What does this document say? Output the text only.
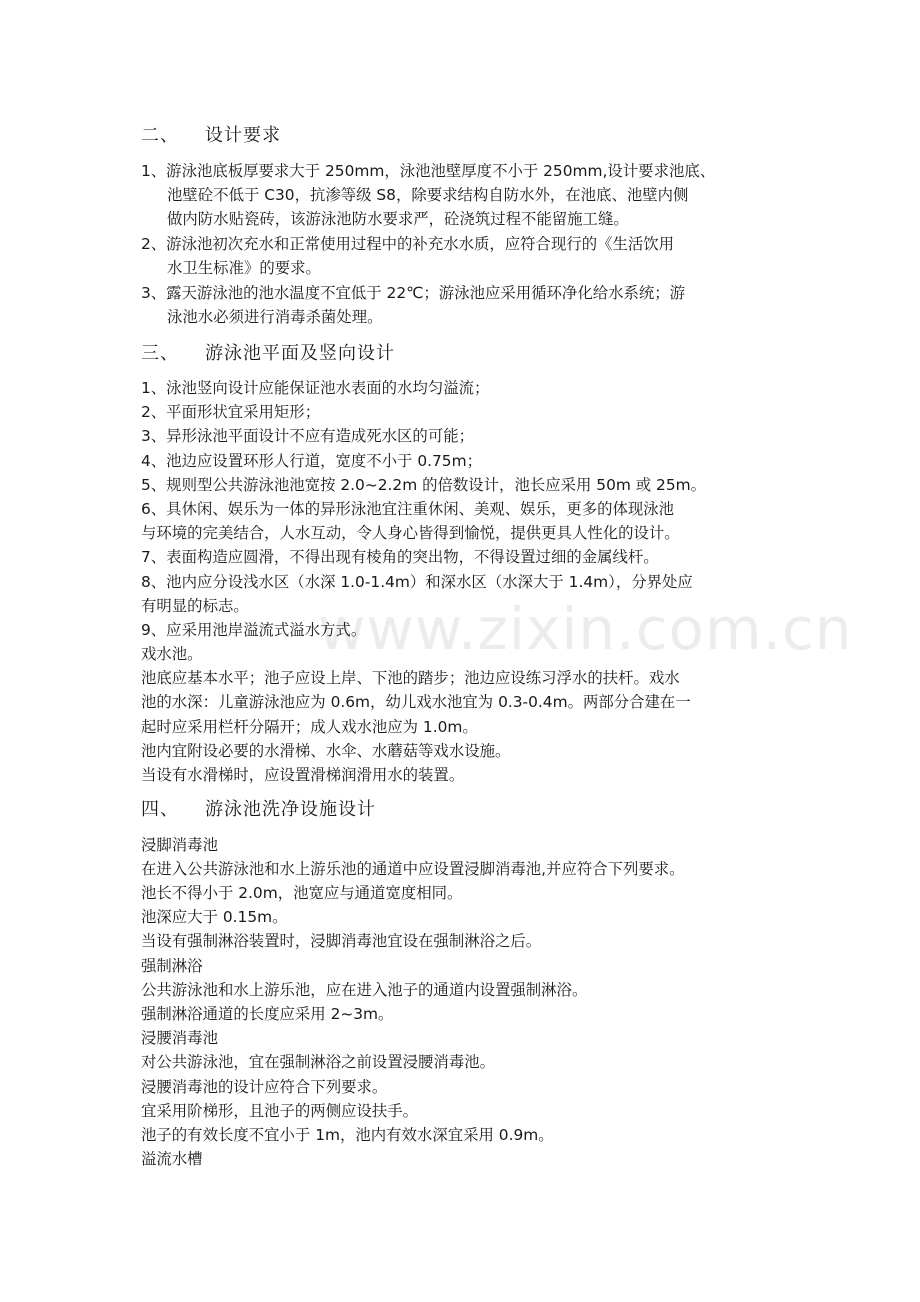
二、 设计要求
1、游泳池底板厚要求大于 250mm，泳池池壁厚度不小于 250mm,设计要求池底、
池壁砼不低于 C30，抗渗等级 S8，除要求结构自防水外，在池底、池壁内侧
做内防水贴瓷砖，该游泳池防水要求严，砼浇筑过程不能留施工缝。
2、游泳池初次充水和正常使用过程中的补充水水质，应符合现行的《生活饮用
水卫生标准》的要求。
3、露天游泳池的池水温度不宜低于 22℃；游泳池应采用循环净化给水系统；游
泳池水必须进行消毒杀菌处理。
三、 游泳池平面及竖向设计
1、泳池竖向设计应能保证池水表面的水均匀溢流；
2、平面形状宜采用矩形；
3、异形泳池平面设计不应有造成死水区的可能；
4、池边应设置环形人行道，宽度不小于 0.75m；
5、规则型公共游泳池池宽按 2.0~2.2m 的倍数设计，池长应采用 50m 或 25m。
6、具休闲、娱乐为一体的异形泳池宜注重休闲、美观、娱乐，更多的体现泳池
与环境的完美结合，人水互动，令人身心皆得到愉悦，提供更具人性化的设计。
7、表面构造应圆滑，不得出现有棱角的突出物，不得设置过细的金属线杆。
8、池内应分设浅水区（水深 1.0-1.4m）和深水区（水深大于 1.4m），分界处应
有明显的标志。
9、应采用池岸溢流式溢水方式。
戏水池。
池底应基本水平；池子应设上岸、下池的踏步；池边应设练习浮水的扶杆。戏水
池的水深：儿童游泳池应为 0.6m，幼儿戏水池宜为 0.3-0.4m。两部分合建在一
起时应采用栏杆分隔开；成人戏水池应为 1.0m。
池内宜附设必要的水滑梯、水伞、水蘑菇等戏水设施。
当设有水滑梯时，应设置滑梯润滑用水的装置。
四、 游泳池洗净设施设计
浸脚消毒池
在进入公共游泳池和水上游乐池的通道中应设置浸脚消毒池,并应符合下列要求。
池长不得小于 2.0m，池宽应与通道宽度相同。
池深应大于 0.15m。
当设有强制淋浴装置时，浸脚消毒池宜设在强制淋浴之后。
强制淋浴
公共游泳池和水上游乐池，应在进入池子的通道内设置强制淋浴。
强制淋浴通道的长度应采用 2~3m。
浸腰消毒池
对公共游泳池，宜在强制淋浴之前设置浸腰消毒池。
浸腰消毒池的设计应符合下列要求。
宜采用阶梯形，且池子的两侧应设扶手。
池子的有效长度不宜小于 1m，池内有效水深宜采用 0.9m。
溢流水槽
www.zixin.com.cn
